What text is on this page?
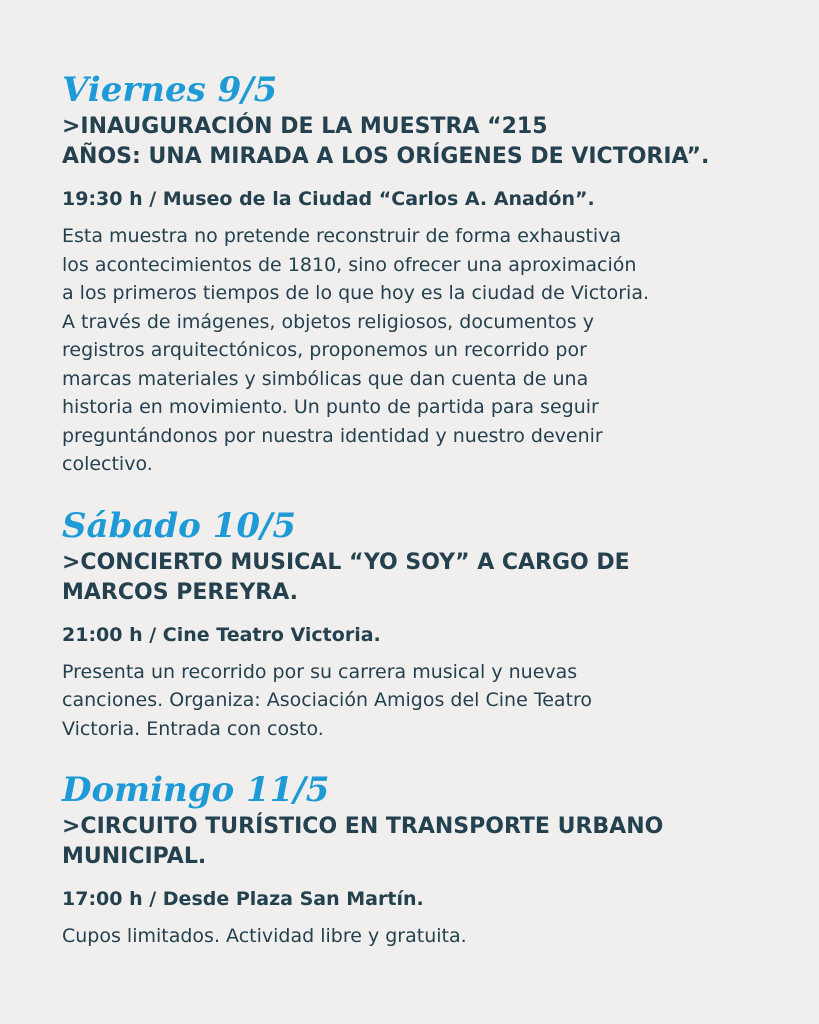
Viernes 9/5
>INAUGURACIÓN DE LA MUESTRA “215
AÑOS: UNA MIRADA A LOS ORÍGENES DE VICTORIA”.

19:30 h / Museo de la Ciudad “Carlos A. Anadón”.

Esta muestra no pretende reconstruir de forma exhaustiva
los acontecimientos de 1810, sino ofrecer una aproximación
a los primeros tiempos de lo que hoy es la ciudad de Victoria.
A través de imágenes, objetos religiosos, documentos y
registros arquitectónicos, proponemos un recorrido por
marcas materiales y simbólicas que dan cuenta de una
historia en movimiento. Un punto de partida para seguir
preguntándonos por nuestra identidad y nuestro devenir
colectivo.

Sábado 10/5
>CONCIERTO MUSICAL “YO SOY” A CARGO DE
MARCOS PEREYRA.

21:00 h / Cine Teatro Victoria.

Presenta un recorrido por su carrera musical y nuevas
canciones. Organiza: Asociación Amigos del Cine Teatro
Victoria. Entrada con costo.

Domingo 11/5
>CIRCUITO TURÍSTICO EN TRANSPORTE URBANO
MUNICIPAL.

17:00 h / Desde Plaza San Martín.

Cupos limitados. Actividad libre y gratuita.
